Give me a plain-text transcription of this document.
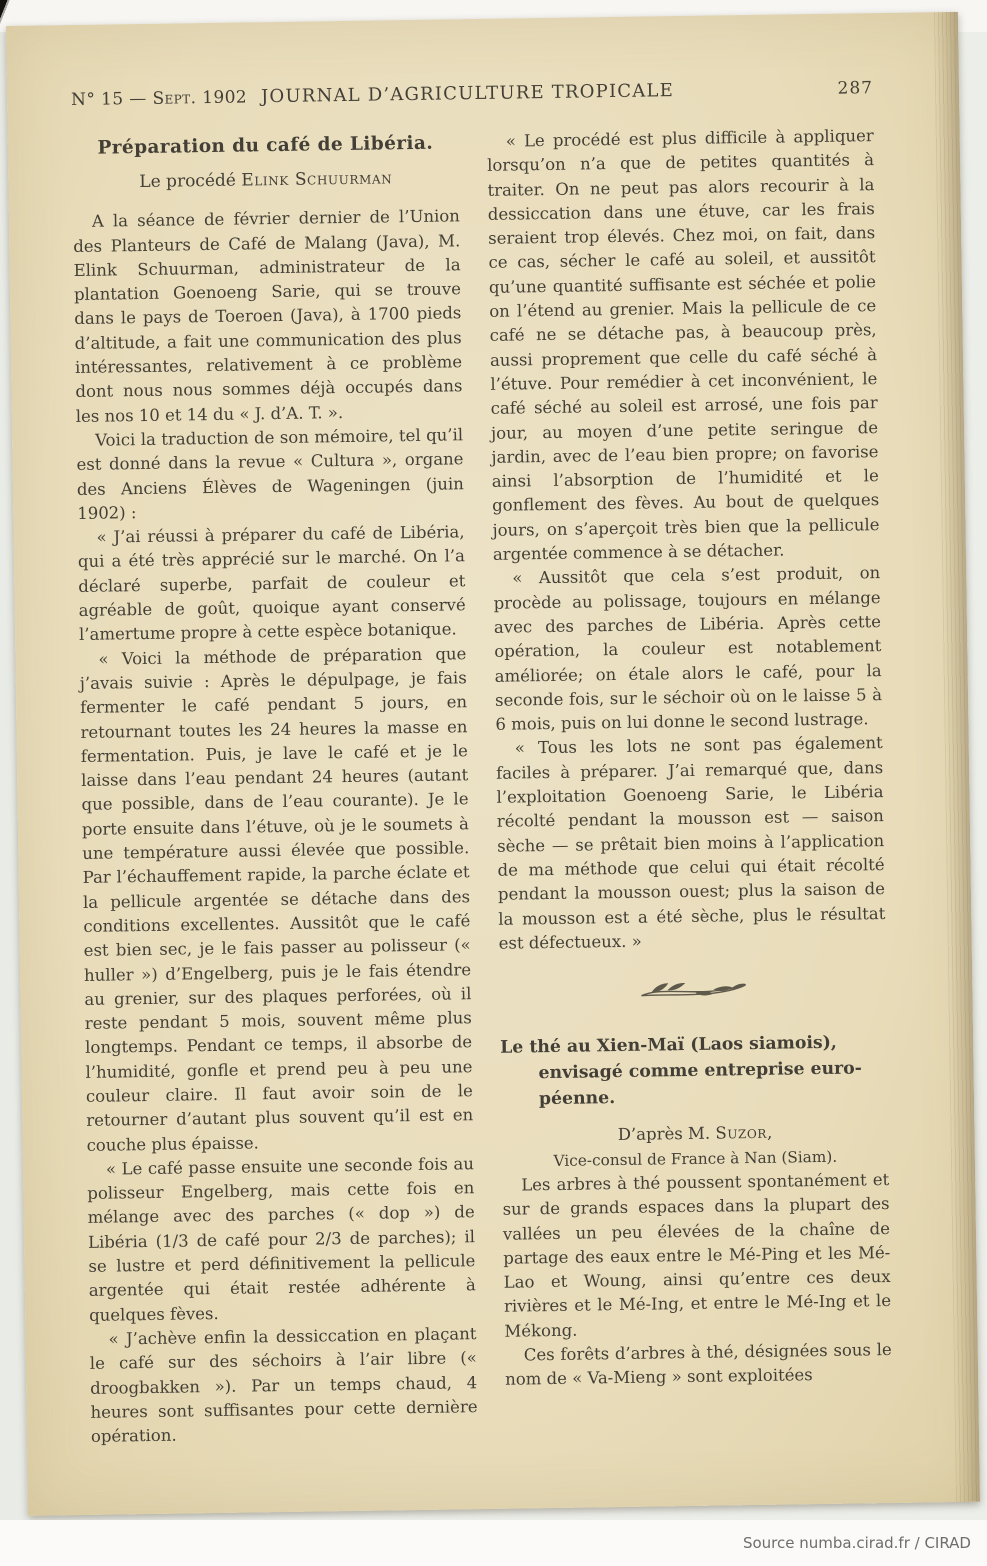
N° 15 — Sept. 1902 JOURNAL D’AGRICULTURE TROPICALE	287
Préparation du café de Libéria.
Le procédé Elink Schuurman

A la séance de février dernier de l’Union des Planteurs de Café de Malang (Java), M. Elink Schuurman, administrateur de la plantation Goenoeng Sarie, qui se trouve dans le pays de Toeroen (Java), à 1700 pieds d’altitude, a fait une communication des plus intéressantes, relativement à ce problème dont nous nous sommes déjà occupés dans les nos 10 et 14 du « J. d’A. T. ».

Voici la traduction de son mémoire, tel qu’il est donné dans la revue « Cultura », organe des Anciens Élèves de Wageningen (juin 1902) :

« J’ai réussi à préparer du café de Libéria, qui a été très apprécié sur le marché. On l’a déclaré superbe, parfait de couleur et agréable de goût, quoique ayant conservé l’amertume propre à cette espèce botanique.

« Voici la méthode de préparation que j’avais suivie : Après le dépulpage, je fais fermenter le café pendant 5 jours, en retournant toutes les 24 heures la masse en fermentation. Puis, je lave le café et je le laisse dans l’eau pendant 24 heures (autant que possible, dans de l’eau courante). Je le porte ensuite dans l’étuve, où je le soumets à une température aussi élevée que possible. Par l’échauffement rapide, la parche éclate et la pellicule argentée se détache dans des conditions excellentes. Aussitôt que le café est bien sec, je le fais passer au polisseur (« huller ») d’Engelberg, puis je le fais étendre au grenier, sur des plaques perforées, où il reste pendant 5 mois, souvent même plus longtemps. Pendant ce temps, il absorbe de l’humidité, gonfle et prend peu à peu une couleur claire. Il faut avoir soin de le retourner d’autant plus souvent qu’il est en couche plus épaisse.

« Le café passe ensuite une seconde fois au polisseur Engelberg, mais cette fois en mélange avec des parches (« dop ») de Libéria (1/3 de café pour 2/3 de parches); il se lustre et perd définitivement la pellicule argentée qui était restée adhérente à quelques fèves.

« J’achève enfin la dessiccation en plaçant le café sur des séchoirs à l’air libre (« droogbakken »). Par un temps chaud, 4 heures sont suffisantes pour cette dernière opération.

« Le procédé est plus difficile à appliquer lorsqu’on n’a que de petites quantités à traiter. On ne peut pas alors recourir à la dessiccation dans une étuve, car les frais seraient trop élevés. Chez moi, on fait, dans ce cas, sécher le café au soleil, et aussitôt qu’une quantité suffisante est séchée et polie on l’étend au grenier. Mais la pellicule de ce café ne se détache pas, à beaucoup près, aussi proprement que celle du café séché à l’étuve. Pour remédier à cet inconvénient, le café séché au soleil est arrosé, une fois par jour, au moyen d’une petite seringue de jardin, avec de l’eau bien propre; on favorise ainsi l’absorption de l’humidité et le gonflement des fèves. Au bout de quelques jours, on s’aperçoit très bien que la pellicule argentée commence à se détacher.

« Aussitôt que cela s’est produit, on procède au polissage, toujours en mélange avec des parches de Libéria. Après cette opération, la couleur est notablement améliorée; on étale alors le café, pour la seconde fois, sur le séchoir où on le laisse 5 à 6 mois, puis on lui donne le second lustrage.

« Tous les lots ne sont pas également faciles à préparer. J’ai remarqué que, dans l’exploitation Goenoeng Sarie, le Libéria récolté pendant la mousson est — saison sèche — se prêtait bien moins à l’application de ma méthode que celui qui était récolté pendant la mousson ouest; plus la saison de la mousson est a été sèche, plus le résultat est défectueux. »

Le thé au Xien-Maï (Laos siamois),
envisagé comme entreprise euro-
péenne.

D’après M. Suzor,

Vice-consul de France à Nan (Siam).

Les arbres à thé poussent spontanément et sur de grands espaces dans la plupart des vallées un peu élevées de la chaîne de partage des eaux entre le Mé-Ping et les Mé-Lao et Woung, ainsi qu’entre ces deux rivières et le Mé-Ing, et entre le Mé-Ing et le Mékong.

Ces forêts d’arbres à thé, désignées sous le nom de « Va-Mieng » sont exploitées

Source numba.cirad.fr / CIRAD
